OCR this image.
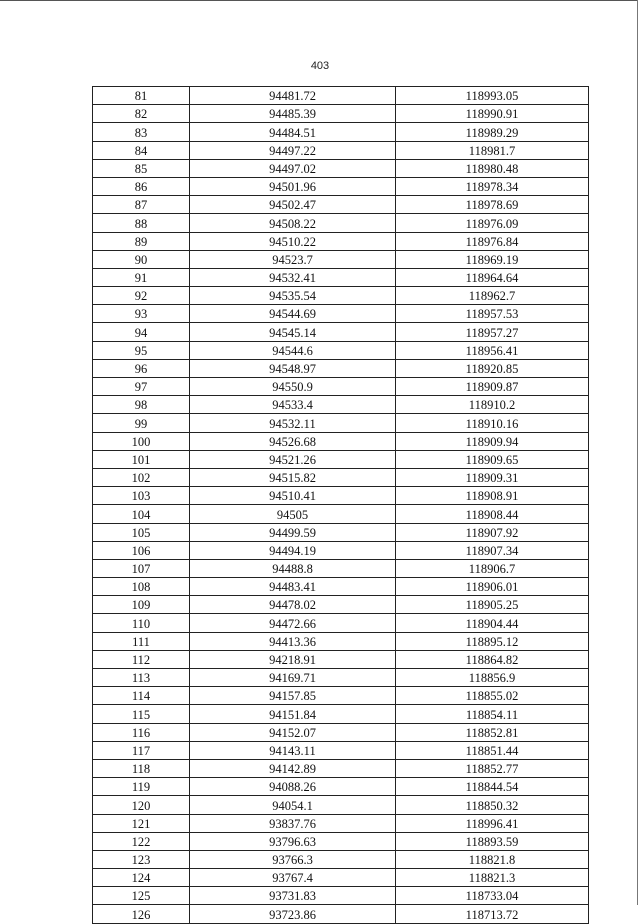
403
81	94481.72	118993.05
82	94485.39	118990.91
83	94484.51	118989.29
84	94497.22	118981.7
85	94497.02	118980.48
86	94501.96	118978.34
87	94502.47	118978.69
88	94508.22	118976.09
89	94510.22	118976.84
90	94523.7	118969.19
91	94532.41	118964.64
92	94535.54	118962.7
93	94544.69	118957.53
94	94545.14	118957.27
95	94544.6	118956.41
96	94548.97	118920.85
97	94550.9	118909.87
98	94533.4	118910.2
99	94532.11	118910.16
100	94526.68	118909.94
101	94521.26	118909.65
102	94515.82	118909.31
103	94510.41	118908.91
104	94505	118908.44
105	94499.59	118907.92
106	94494.19	118907.34
107	94488.8	118906.7
108	94483.41	118906.01
109	94478.02	118905.25
110	94472.66	118904.44
111	94413.36	118895.12
112	94218.91	118864.82
113	94169.71	118856.9
114	94157.85	118855.02
115	94151.84	118854.11
116	94152.07	118852.81
117	94143.11	118851.44
118	94142.89	118852.77
119	94088.26	118844.54
120	94054.1	118850.32
121	93837.76	118996.41
122	93796.63	118893.59
123	93766.3	118821.8
124	93767.4	118821.3
125	93731.83	118733.04
126	93723.86	118713.72
